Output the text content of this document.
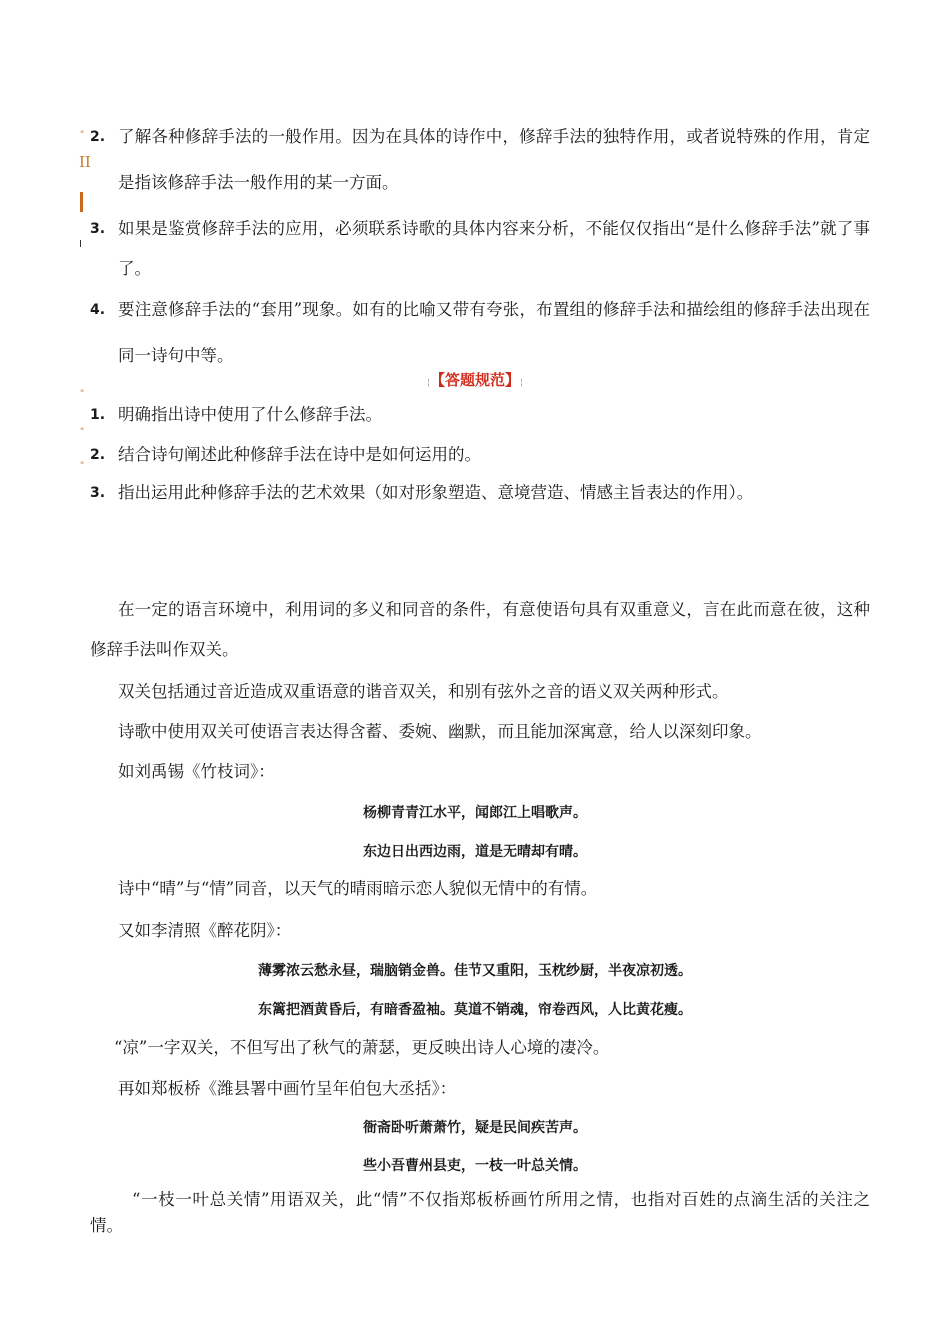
"
II
"
"
"
2. 了解各种修辞手法的一般作用。因为在具体的诗作中，修辞手法的独特作用，或者说特殊的作用，肯定是指该修辞手法一般作用的某一方面。
3. 如果是鉴赏修辞手法的应用，必须联系诗歌的具体内容来分析，不能仅仅指出“是什么修辞手法”就了事了。
4. 要注意修辞手法的“套用”现象。如有的比喻又带有夸张，布置组的修辞手法和描绘组的修辞手法出现在同一诗句中等。
¦【答题规范】¦
1. 明确指出诗中使用了什么修辞手法。
2. 结合诗句阐述此种修辞手法在诗中是如何运用的。
3. 指出运用此种修辞手法的艺术效果（如对形象塑造、意境营造、情感主旨表达的作用）。
在一定的语言环境中，利用词的多义和同音的条件，有意使语句具有双重意义，言在此而意在彼，这种修辞手法叫作双关。
双关包括通过音近造成双重语意的谐音双关，和别有弦外之音的语义双关两种形式。
诗歌中使用双关可使语言表达得含蓄、委婉、幽默，而且能加深寓意，给人以深刻印象。
如刘禹锡《竹枝词》：
杨柳青青江水平，闻郎江上唱歌声。
东边日出西边雨，道是无晴却有晴。
诗中“晴”与“情”同音，以天气的晴雨暗示恋人貌似无情中的有情。
又如李清照《醉花阴》：
薄雾浓云愁永昼，瑞脑销金兽。佳节又重阳，玉枕纱厨，半夜凉初透。
东篱把酒黄昏后，有暗香盈袖。莫道不销魂，帘卷西风，人比黄花瘦。
“凉”一字双关，不但写出了秋气的萧瑟，更反映出诗人心境的凄冷。
再如郑板桥《潍县署中画竹呈年伯包大丞括》：
衙斋卧听萧萧竹，疑是民间疾苦声。
些小吾曹州县吏，一枝一叶总关情。
“一枝一叶总关情”用语双关，此“情”不仅指郑板桥画竹所用之情，也指对百姓的点滴生活的关注之情。
